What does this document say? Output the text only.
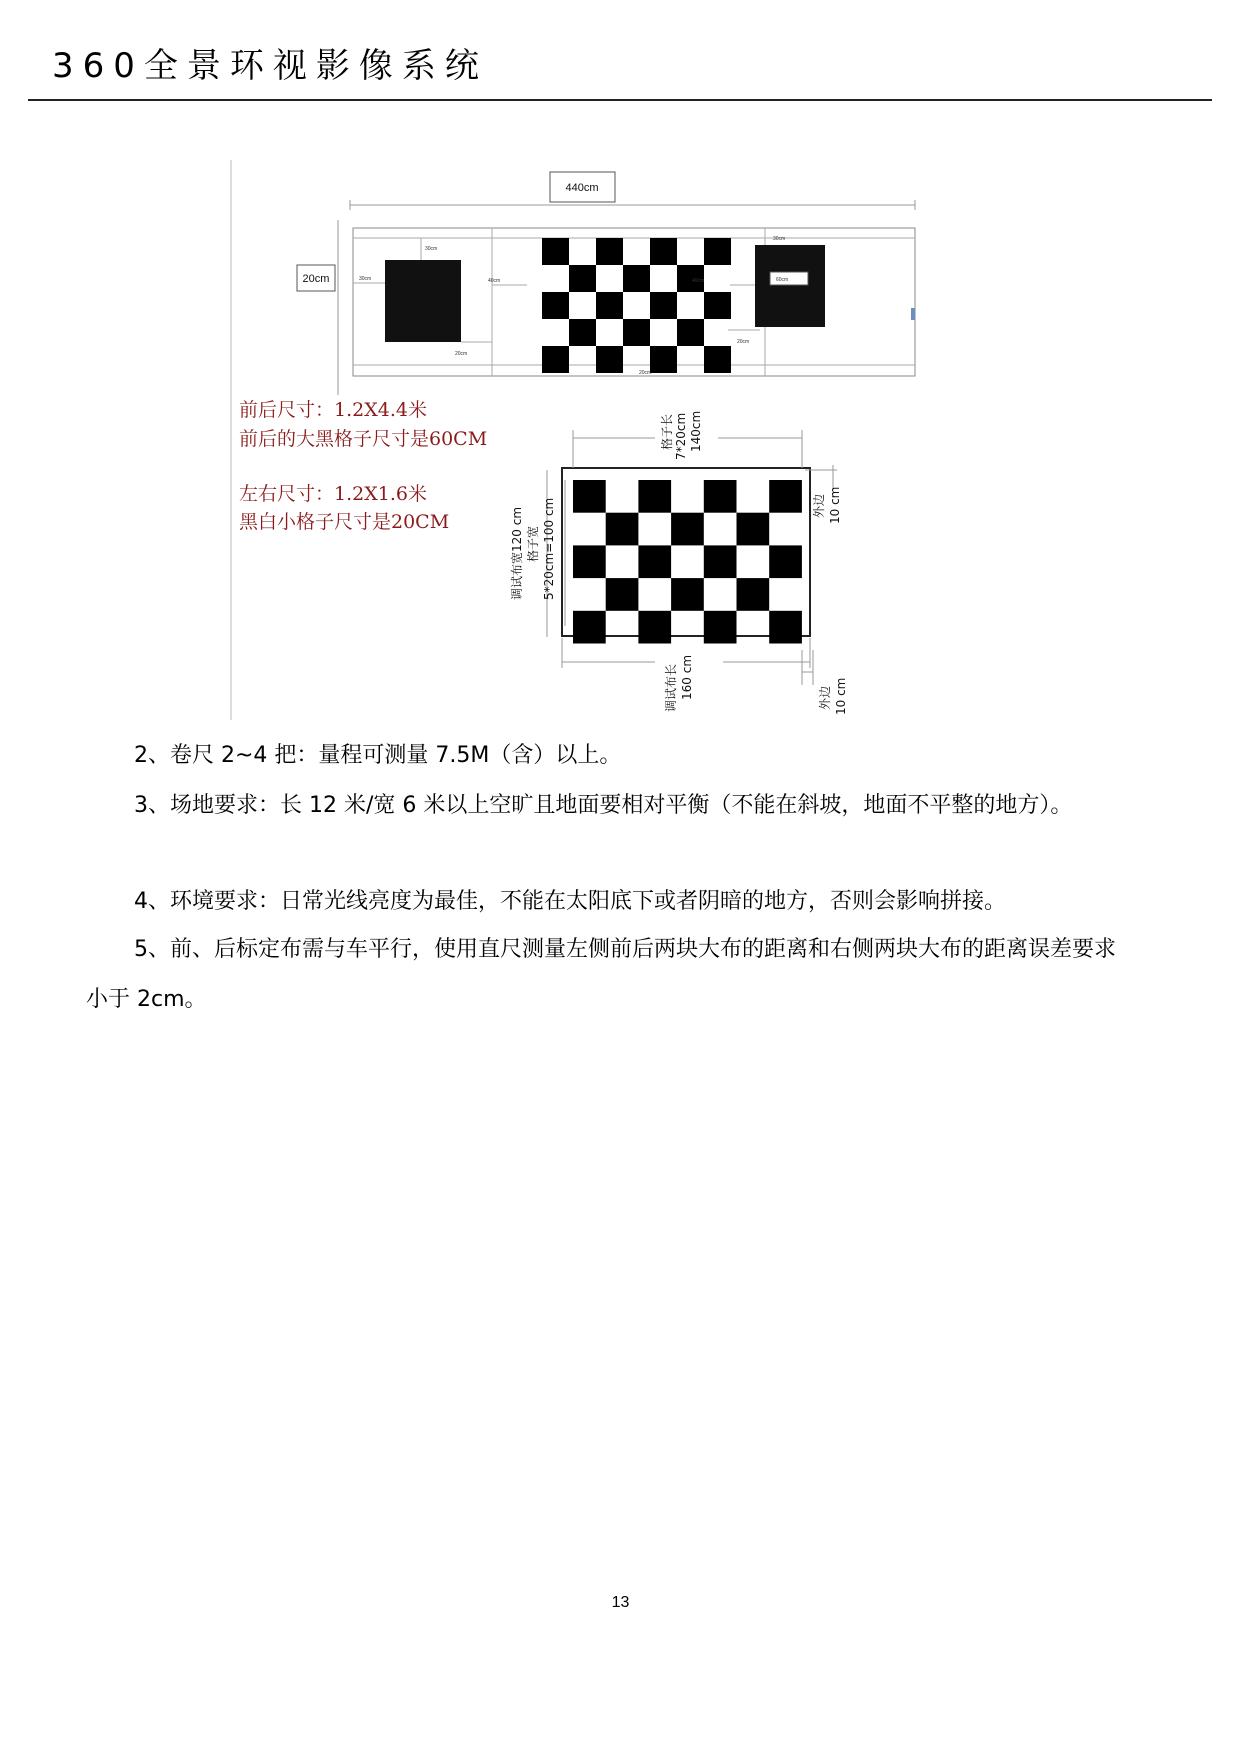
360全景环视影像系统
440cm
20cm
30cm
30cm
20cm
40cm	40cm
20cm
60cm
30cm
20cm
前后尺寸：1.2X4.4米
前后的大黑格子尺寸是60CM
左右尺寸：1.2X1.6米
黑白小格子尺寸是20CM
格子长 7*20cm 140cm
调试布宽120 cm 格子宽 5*20cm=100 cm	外边 10 cm
调试布长 160 cm	外边 10 cm
2、卷尺 2~4 把：量程可测量 7.5M（含）以上。
3、场地要求：长 12 米/宽 6 米以上空旷且地面要相对平衡（不能在斜坡，地面不平整的地方）。
4、环境要求：日常光线亮度为最佳，不能在太阳底下或者阴暗的地方，否则会影响拼接。
5、前、后标定布需与车平行，使用直尺测量左侧前后两块大布的距离和右侧两块大布的距离误差要求小于 2cm。
13
